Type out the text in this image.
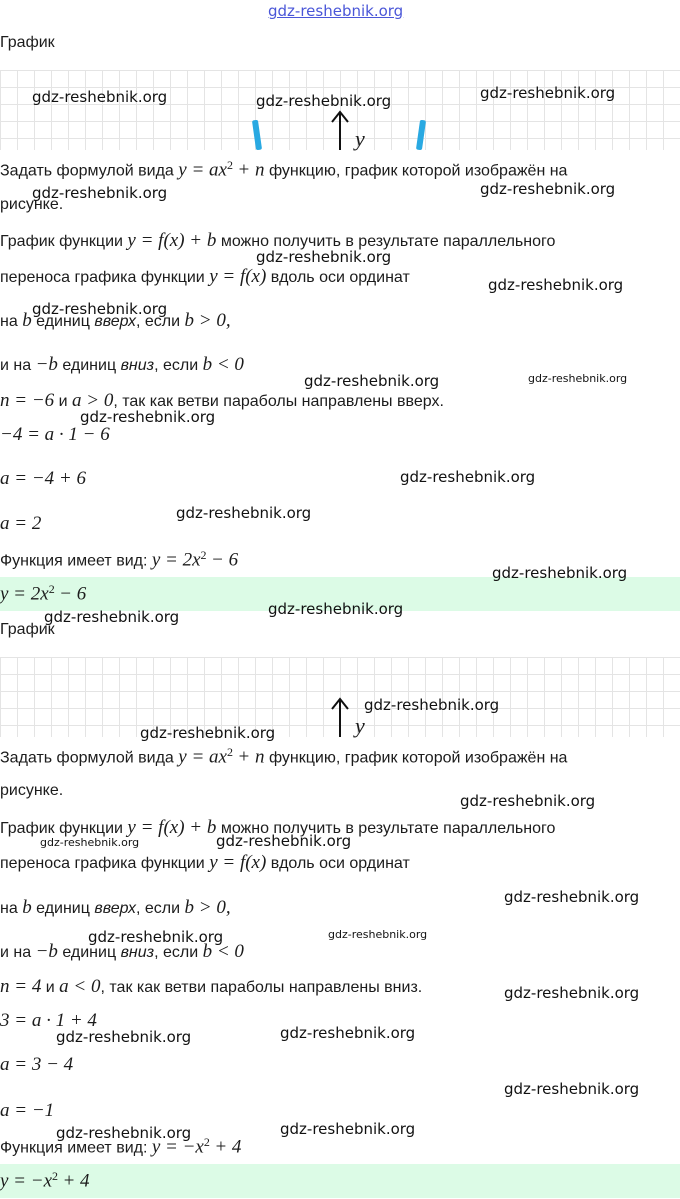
gdz-reshebnik.org
График
y
Задать формулой вида $y = ax^2 + n$ функцию, график которой изображён на
рисунке.
График функции y = f(x) + b можно получить в результате параллельного
переноса графика функции y = f(x) вдоль оси ординат
на b единиц вверх, если b > 0,
и на −b единиц вниз, если b < 0
n = −6 и a > 0, так как ветви параболы направлены вверх.
−4 = a · 1 − 6
a = −4 + 6
a = 2
Функция имеет вид: $y = 2x^2 - 6$
$y = 2x^2 - 6$
График
y
Задать формулой вида $y = ax^2 + n$ функцию, график которой изображён на
рисунке.
График функции y = f(x) + b можно получить в результате параллельного
переноса графика функции y = f(x) вдоль оси ординат
на b единиц вверх, если b > 0,
и на −b единиц вниз, если b < 0
n = 4 и a < 0, так как ветви параболы направлены вниз.
3 = a · 1 + 4
a = 3 − 4
a = −1
Функция имеет вид: $y = -x^2 + 4$
$y = -x^2 + 4$
gdz-reshebnik.org	gdz-reshebnik.org	gdz-reshebnik.org
gdz-reshebnik.org	gdz-reshebnik.org
gdz-reshebnik.org
gdz-reshebnik.org
gdz-reshebnik.org
gdz-reshebnik.org	gdz-reshebnik.org
gdz-reshebnik.org
gdz-reshebnik.org
gdz-reshebnik.org
gdz-reshebnik.org
gdz-reshebnik.org	gdz-reshebnik.org
gdz-reshebnik.org
gdz-reshebnik.org
gdz-reshebnik.org
gdz-reshebnik.org	gdz-reshebnik.org
gdz-reshebnik.org
gdz-reshebnik.org	gdz-reshebnik.org
gdz-reshebnik.org
gdz-reshebnik.org	gdz-reshebnik.org
gdz-reshebnik.org
gdz-reshebnik.org	gdz-reshebnik.org
